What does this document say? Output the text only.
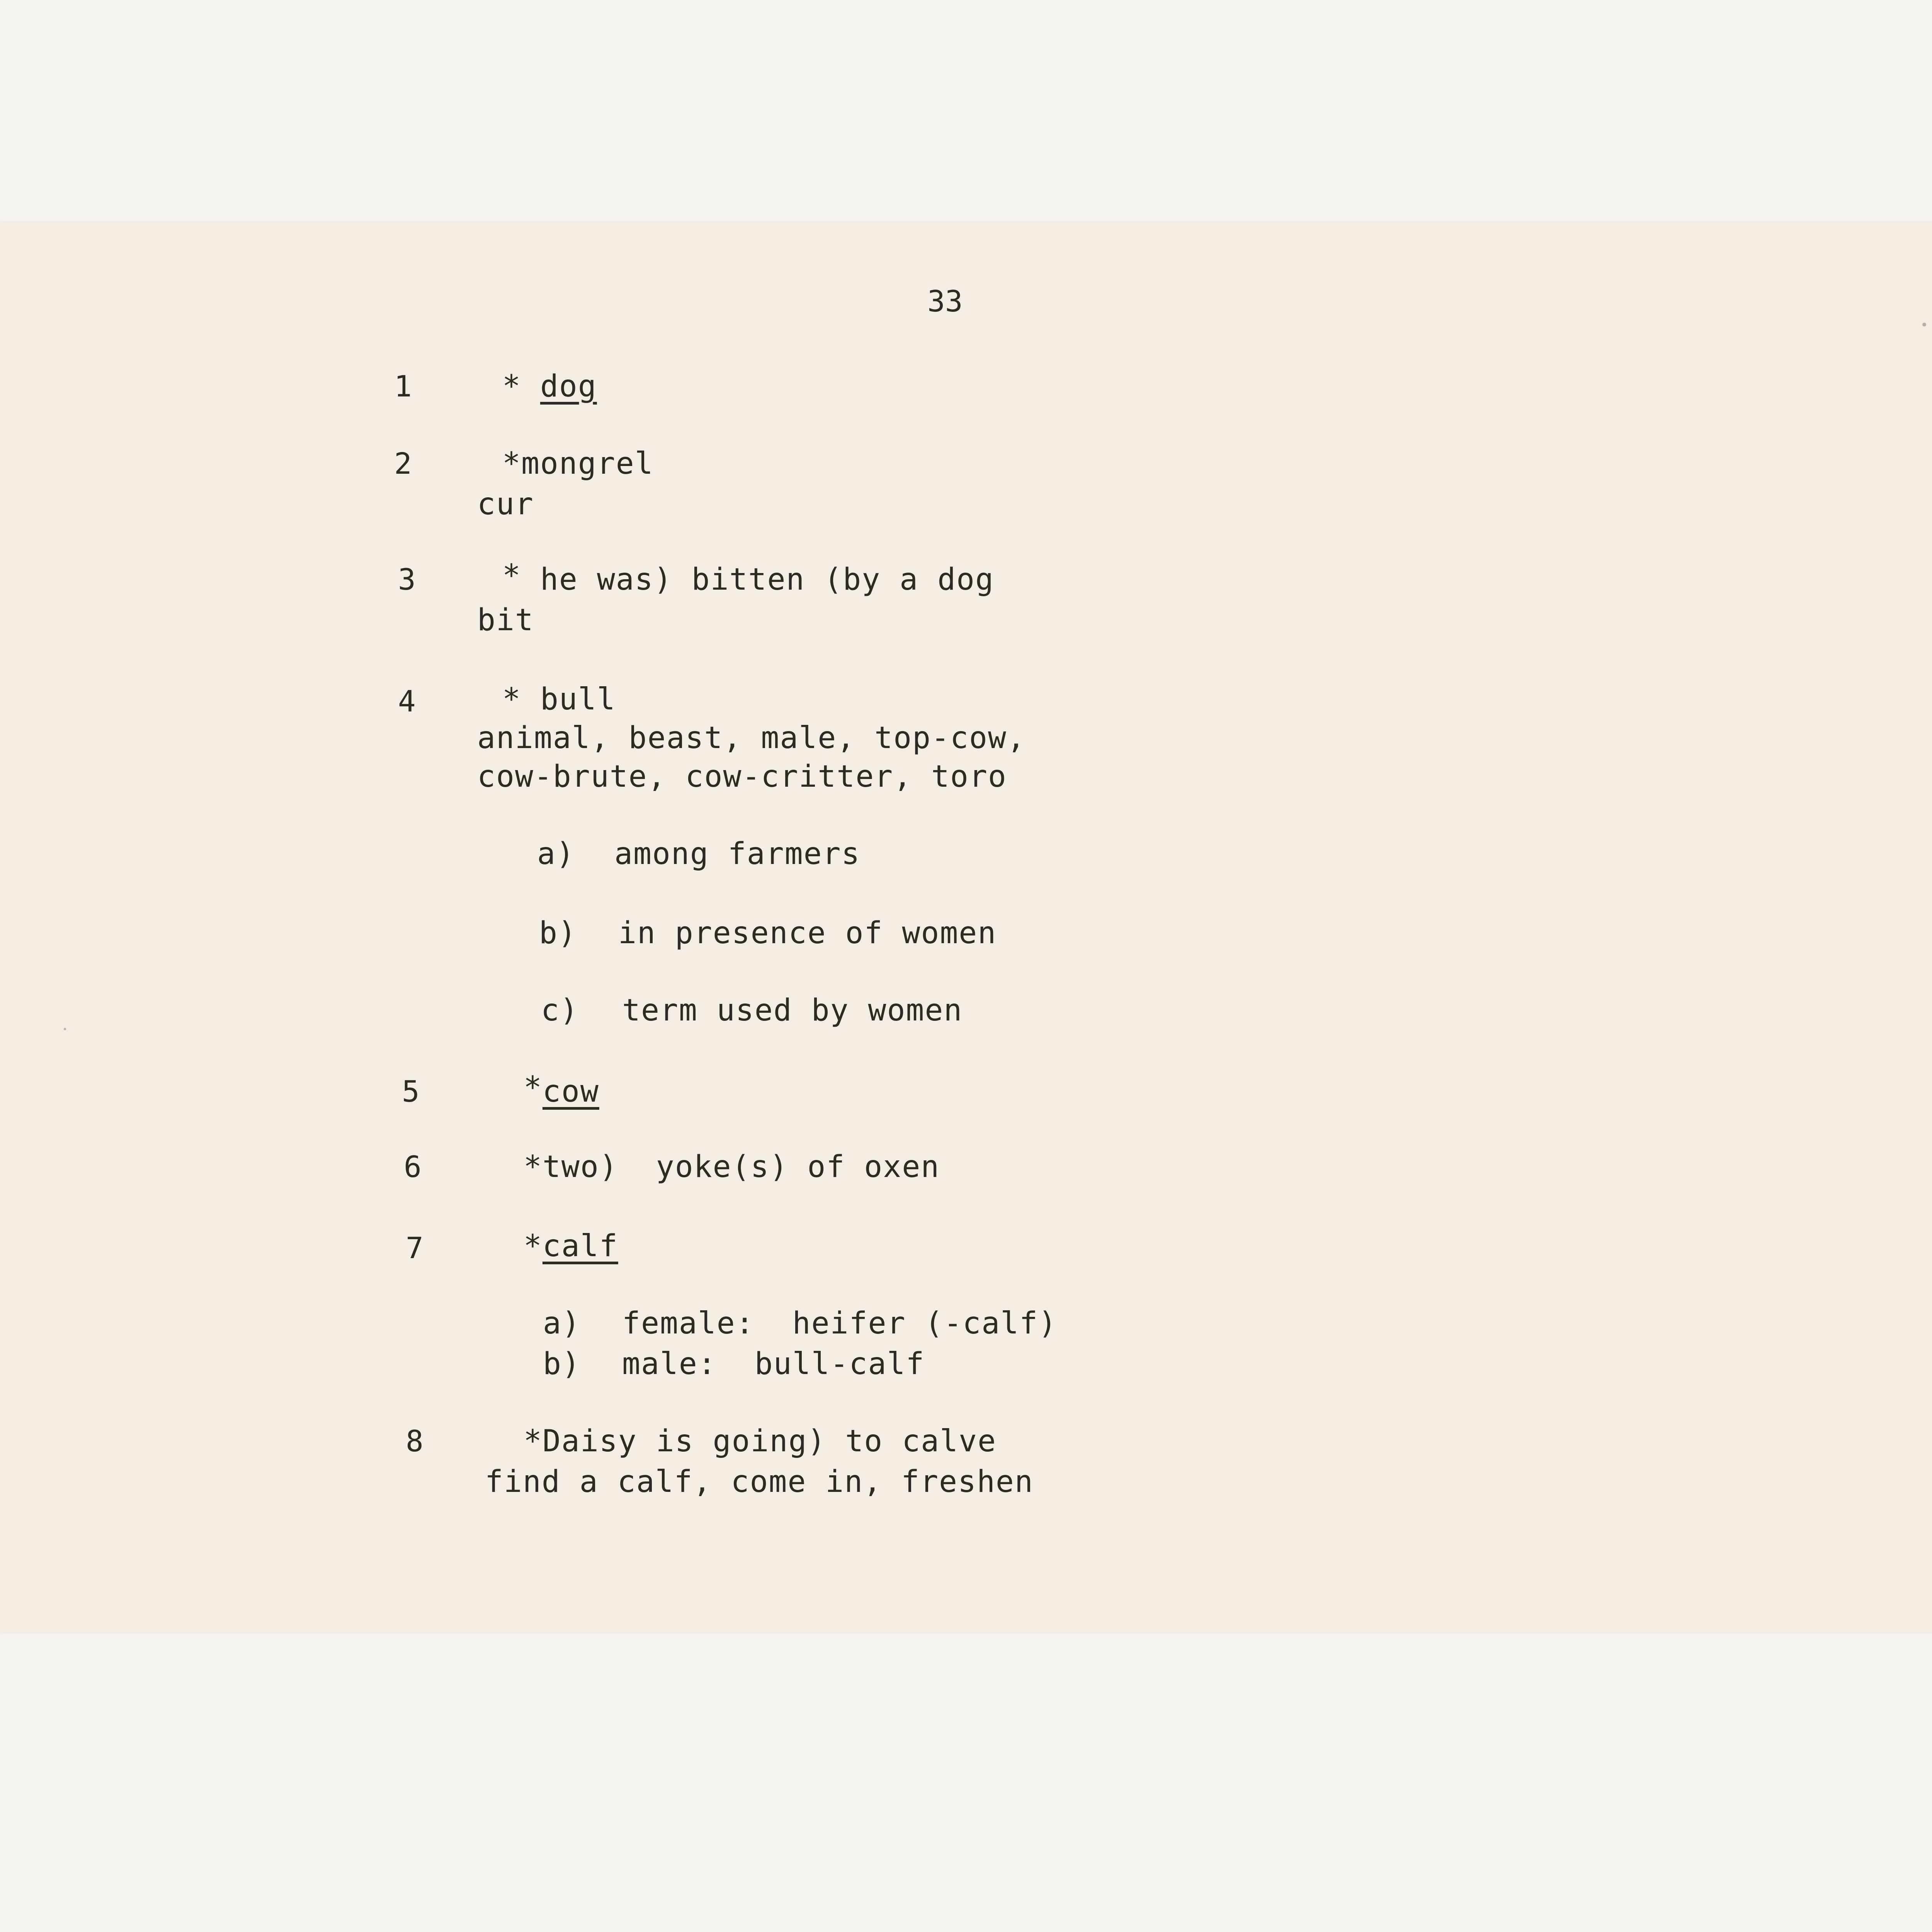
33
1	* dog
2	*mongrel
cur
3	* he was) bitten (by a dog
bit
4	* bull
animal, beast, male, top-cow,
cow-brute, cow-critter, toro
a) among farmers
b) in presence of women
c) term used by women
5	*cow
6	*two)  yoke(s) of oxen
7	*calf
a) female:  heifer (-calf)
b) male:  bull-calf
8	*Daisy is going) to calve
find a calf, come in, freshen
